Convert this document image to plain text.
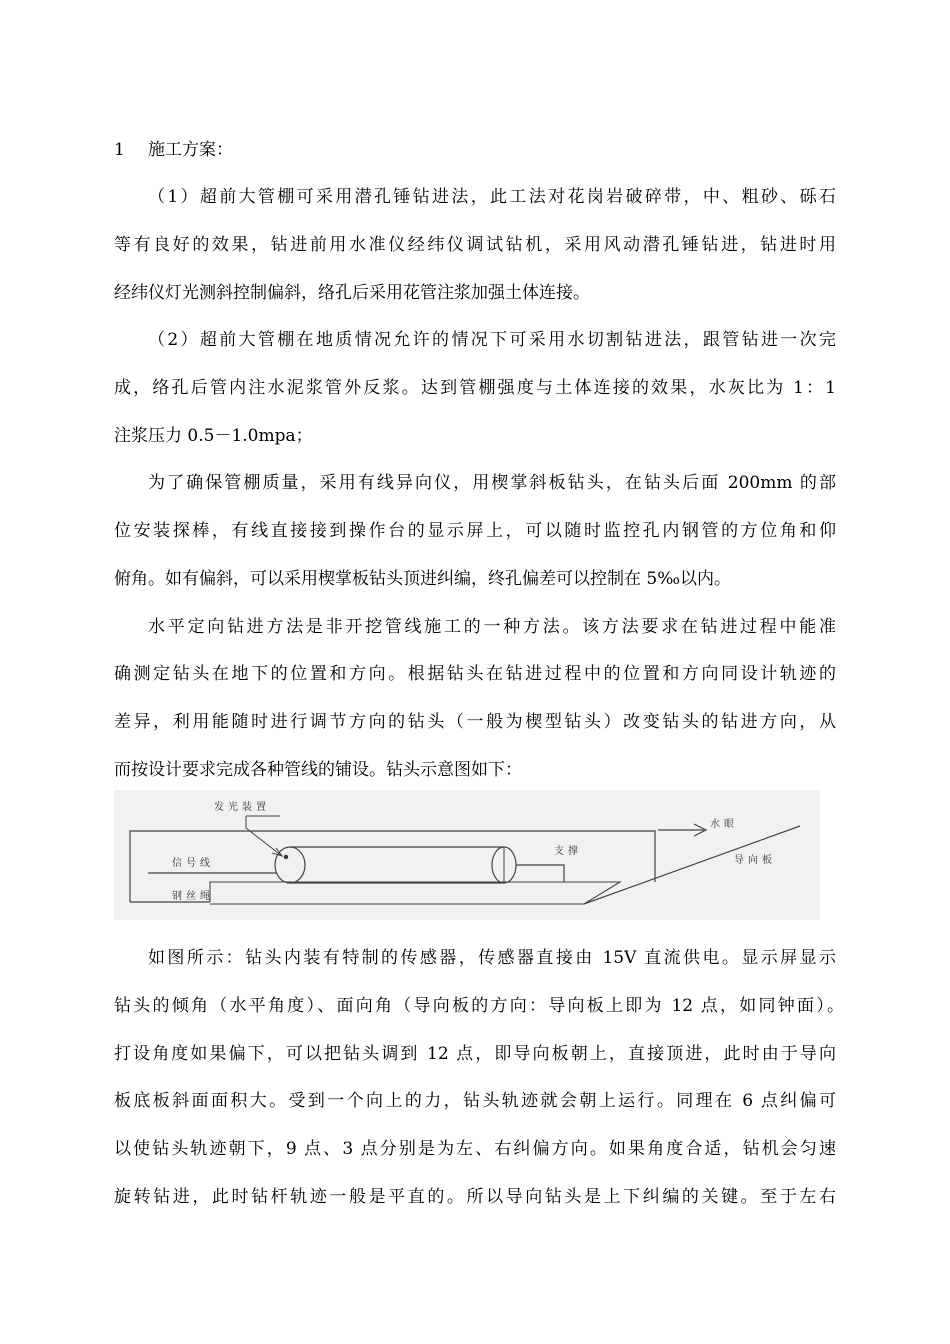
1 施工方案：
（1）超前大管棚可采用潜孔锤钻进法，此工法对花岗岩破碎带，中、粗砂、砾石
等有良好的效果，钻进前用水准仪经纬仪调试钻机，采用风动潜孔锤钻进，钻进时用
经纬仪灯光测斜控制偏斜，络孔后采用花管注浆加强土体连接。
（2）超前大管棚在地质情况允许的情况下可采用水切割钻进法，跟管钻进一次完
成，络孔后管内注水泥浆管外反浆。达到管棚强度与土体连接的效果，水灰比为 1：1
注浆压力 0.5－1.0mpa；
为了确保管棚质量，采用有线异向仪，用楔掌斜板钻头，在钻头后面 200mm 的部
位安装探棒，有线直接接到操作台的显示屏上，可以随时监控孔内钢管的方位角和仰
俯角。如有偏斜，可以采用楔掌板钻头顶进纠编，终孔偏差可以控制在 5‰以内。
水平定向钻进方法是非开挖管线施工的一种方法。该方法要求在钻进过程中能准
确测定钻头在地下的位置和方向。根据钻头在钻进过程中的位置和方向同设计轨迹的
差异，利用能随时进行调节方向的钻头（一般为楔型钻头）改变钻头的钻进方向，从
而按设计要求完成各种管线的铺设。钻头示意图如下：
发光装置
信号线
钢丝绳
支撑
水眼
导向板
如图所示：钻头内装有特制的传感器，传感器直接由 15V 直流供电。显示屏显示
钻头的倾角（水平角度）、面向角（导向板的方向：导向板上即为 12 点，如同钟面）。
打设角度如果偏下，可以把钻头调到 12 点，即导向板朝上，直接顶进，此时由于导向
板底板斜面面积大。受到一个向上的力，钻头轨迹就会朝上运行。同理在 6 点纠偏可
以使钻头轨迹朝下，9 点、3 点分别是为左、右纠偏方向。如果角度合适，钻机会匀速
旋转钻进，此时钻杆轨迹一般是平直的。所以导向钻头是上下纠编的关键。至于左右
